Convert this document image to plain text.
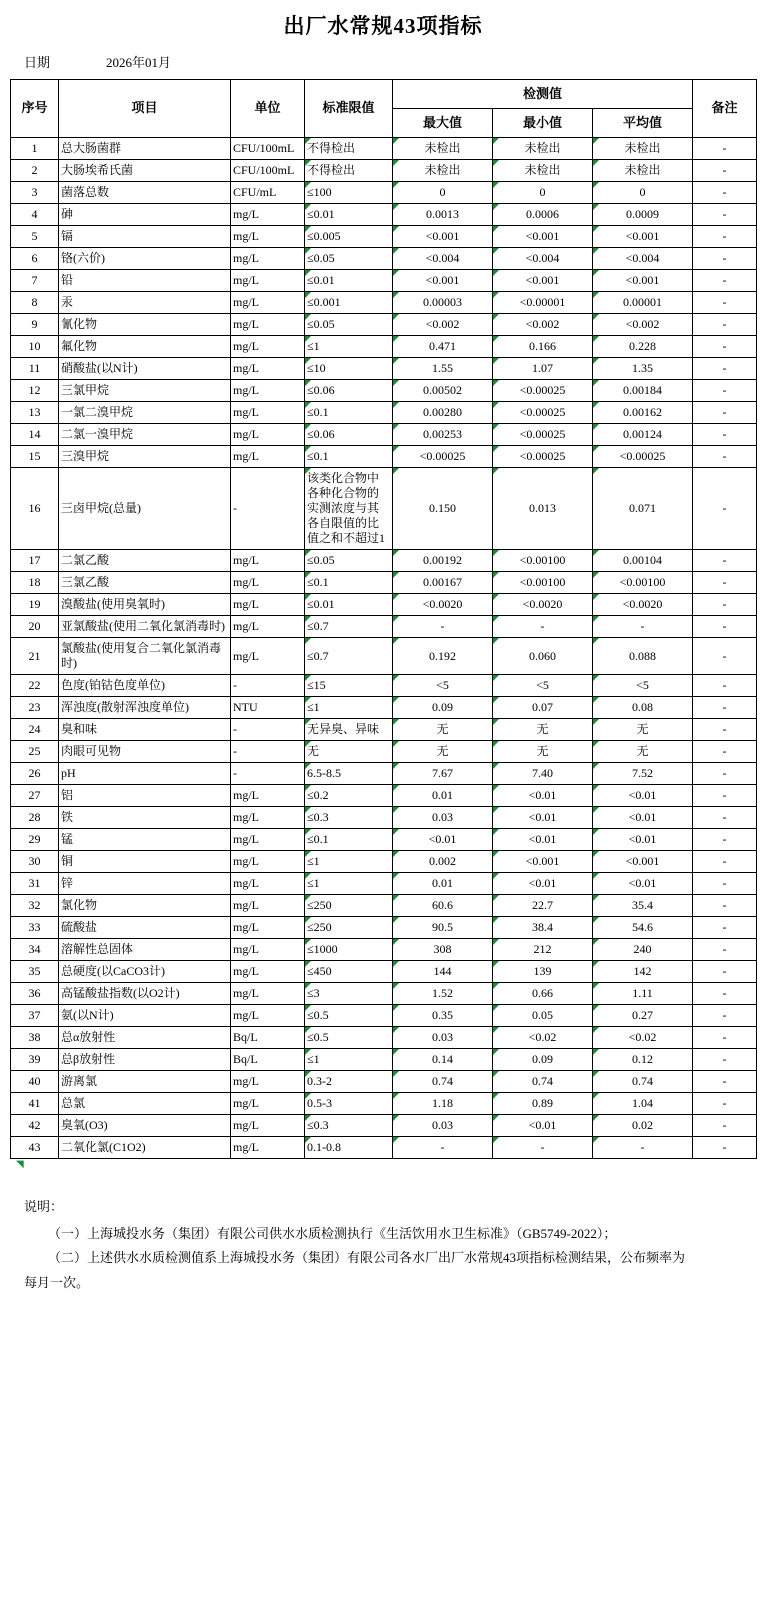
出厂水常规43项指标
日期	2026年01月
序号	项目	单位	标准限值	检测值			备注
				最大值	最小值	平均值	
1	总大肠菌群	CFU/100mL	不得检出	未检出	未检出	未检出	-
2	大肠埃希氏菌	CFU/100mL	不得检出	未检出	未检出	未检出	-
3	菌落总数	CFU/mL	≤100	0	0	0	-
4	砷	mg/L	≤0.01	0.0013	0.0006	0.0009	-
5	镉	mg/L	≤0.005	<0.001	<0.001	<0.001	-
6	铬(六价)	mg/L	≤0.05	<0.004	<0.004	<0.004	-
7	铅	mg/L	≤0.01	<0.001	<0.001	<0.001	-
8	汞	mg/L	≤0.001	0.00003	<0.00001	0.00001	-
9	氰化物	mg/L	≤0.05	<0.002	<0.002	<0.002	-
10	氟化物	mg/L	≤1	0.471	0.166	0.228	-
11	硝酸盐(以N计)	mg/L	≤10	1.55	1.07	1.35	-
12	三氯甲烷	mg/L	≤0.06	0.00502	<0.00025	0.00184	-
13	一氯二溴甲烷	mg/L	≤0.1	0.00280	<0.00025	0.00162	-
14	二氯一溴甲烷	mg/L	≤0.06	0.00253	<0.00025	0.00124	-
15	三溴甲烷	mg/L	≤0.1	<0.00025	<0.00025	<0.00025	-
16	三卤甲烷(总量)	-	该类化合物中各种化合物的实测浓度与其各自限值的比值之和不超过1	0.150	0.013	0.071	-
17	二氯乙酸	mg/L	≤0.05	0.00192	<0.00100	0.00104	-
18	三氯乙酸	mg/L	≤0.1	0.00167	<0.00100	<0.00100	-
19	溴酸盐(使用臭氧时)	mg/L	≤0.01	<0.0020	<0.0020	<0.0020	-
20	亚氯酸盐(使用二氧化氯消毒时)	mg/L	≤0.7	-	-	-	-
21	氯酸盐(使用复合二氧化氯消毒时)	mg/L	≤0.7	0.192	0.060	0.088	-
22	色度(铂钴色度单位)	-	≤15	<5	<5	<5	-
23	浑浊度(散射浑浊度单位)	NTU	≤1	0.09	0.07	0.08	-
24	臭和味	-	无异臭、异味	无	无	无	-
25	肉眼可见物	-	无	无	无	无	-
26	pH	-	6.5-8.5	7.67	7.40	7.52	-
27	铝	mg/L	≤0.2	0.01	<0.01	<0.01	-
28	铁	mg/L	≤0.3	0.03	<0.01	<0.01	-
29	锰	mg/L	≤0.1	<0.01	<0.01	<0.01	-
30	铜	mg/L	≤1	0.002	<0.001	<0.001	-
31	锌	mg/L	≤1	0.01	<0.01	<0.01	-
32	氯化物	mg/L	≤250	60.6	22.7	35.4	-
33	硫酸盐	mg/L	≤250	90.5	38.4	54.6	-
34	溶解性总固体	mg/L	≤1000	308	212	240	-
35	总硬度(以CaCO3计)	mg/L	≤450	144	139	142	-
36	高锰酸盐指数(以O2计)	mg/L	≤3	1.52	0.66	1.11	-
37	氨(以N计)	mg/L	≤0.5	0.35	0.05	0.27	-
38	总α放射性	Bq/L	≤0.5	0.03	<0.02	<0.02	-
39	总β放射性	Bq/L	≤1	0.14	0.09	0.12	-
40	游离氯	mg/L	0.3-2	0.74	0.74	0.74	-
41	总氯	mg/L	0.5-3	1.18	0.89	1.04	-
42	臭氧(O3)	mg/L	≤0.3	0.03	<0.01	0.02	-
43	二氧化氯(C1O2)	mg/L	0.1-0.8	-	-	-	-
◥
说明：
（一）上海城投水务（集团）有限公司供水水质检测执行《生活饮用水卫生标准》（GB5749-2022）；
（二）上述供水水质检测值系上海城投水务（集团）有限公司各水厂出厂水常规43项指标检测结果，公布频率为
每月一次。
